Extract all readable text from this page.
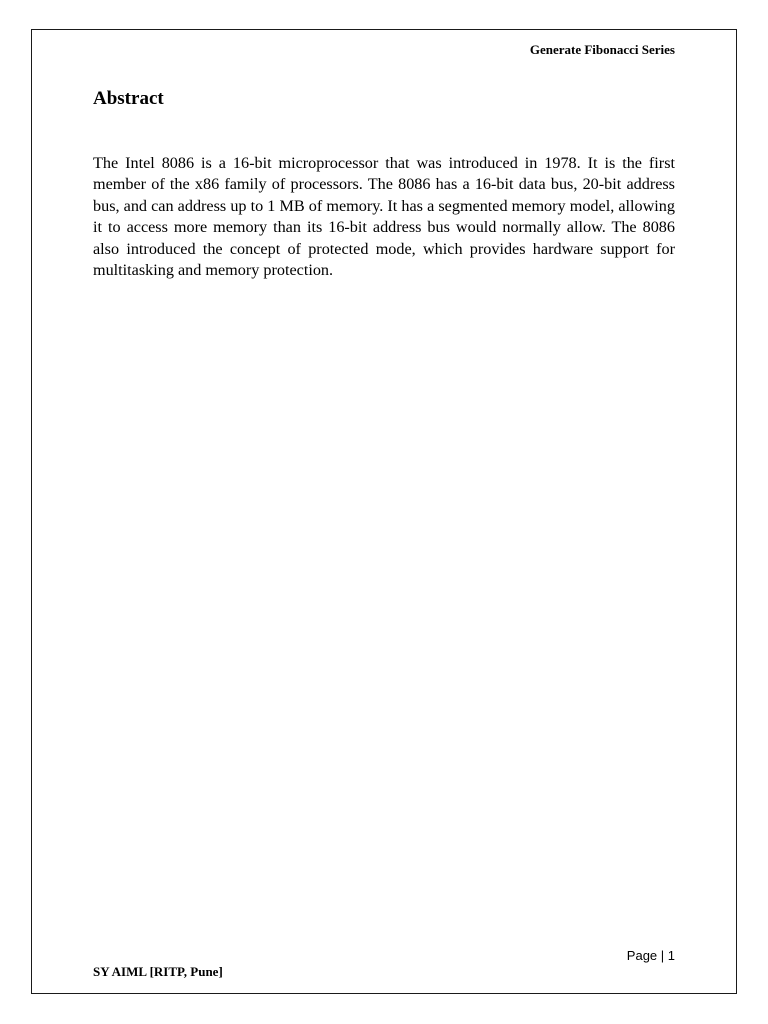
Generate Fibonacci Series
Abstract

The Intel 8086 is a 16-bit microprocessor that was introduced in 1978. It is the first member of the x86 family of processors. The 8086 has a 16-bit data bus, 20-bit address bus, and can address up to 1 MB of memory. It has a segmented memory model, allowing it to access more memory than its 16-bit address bus would normally allow. The 8086 also introduced the concept of protected mode, which provides hardware support for multitasking and memory protection.

Page | 1
SY AIML [RITP, Pune]
